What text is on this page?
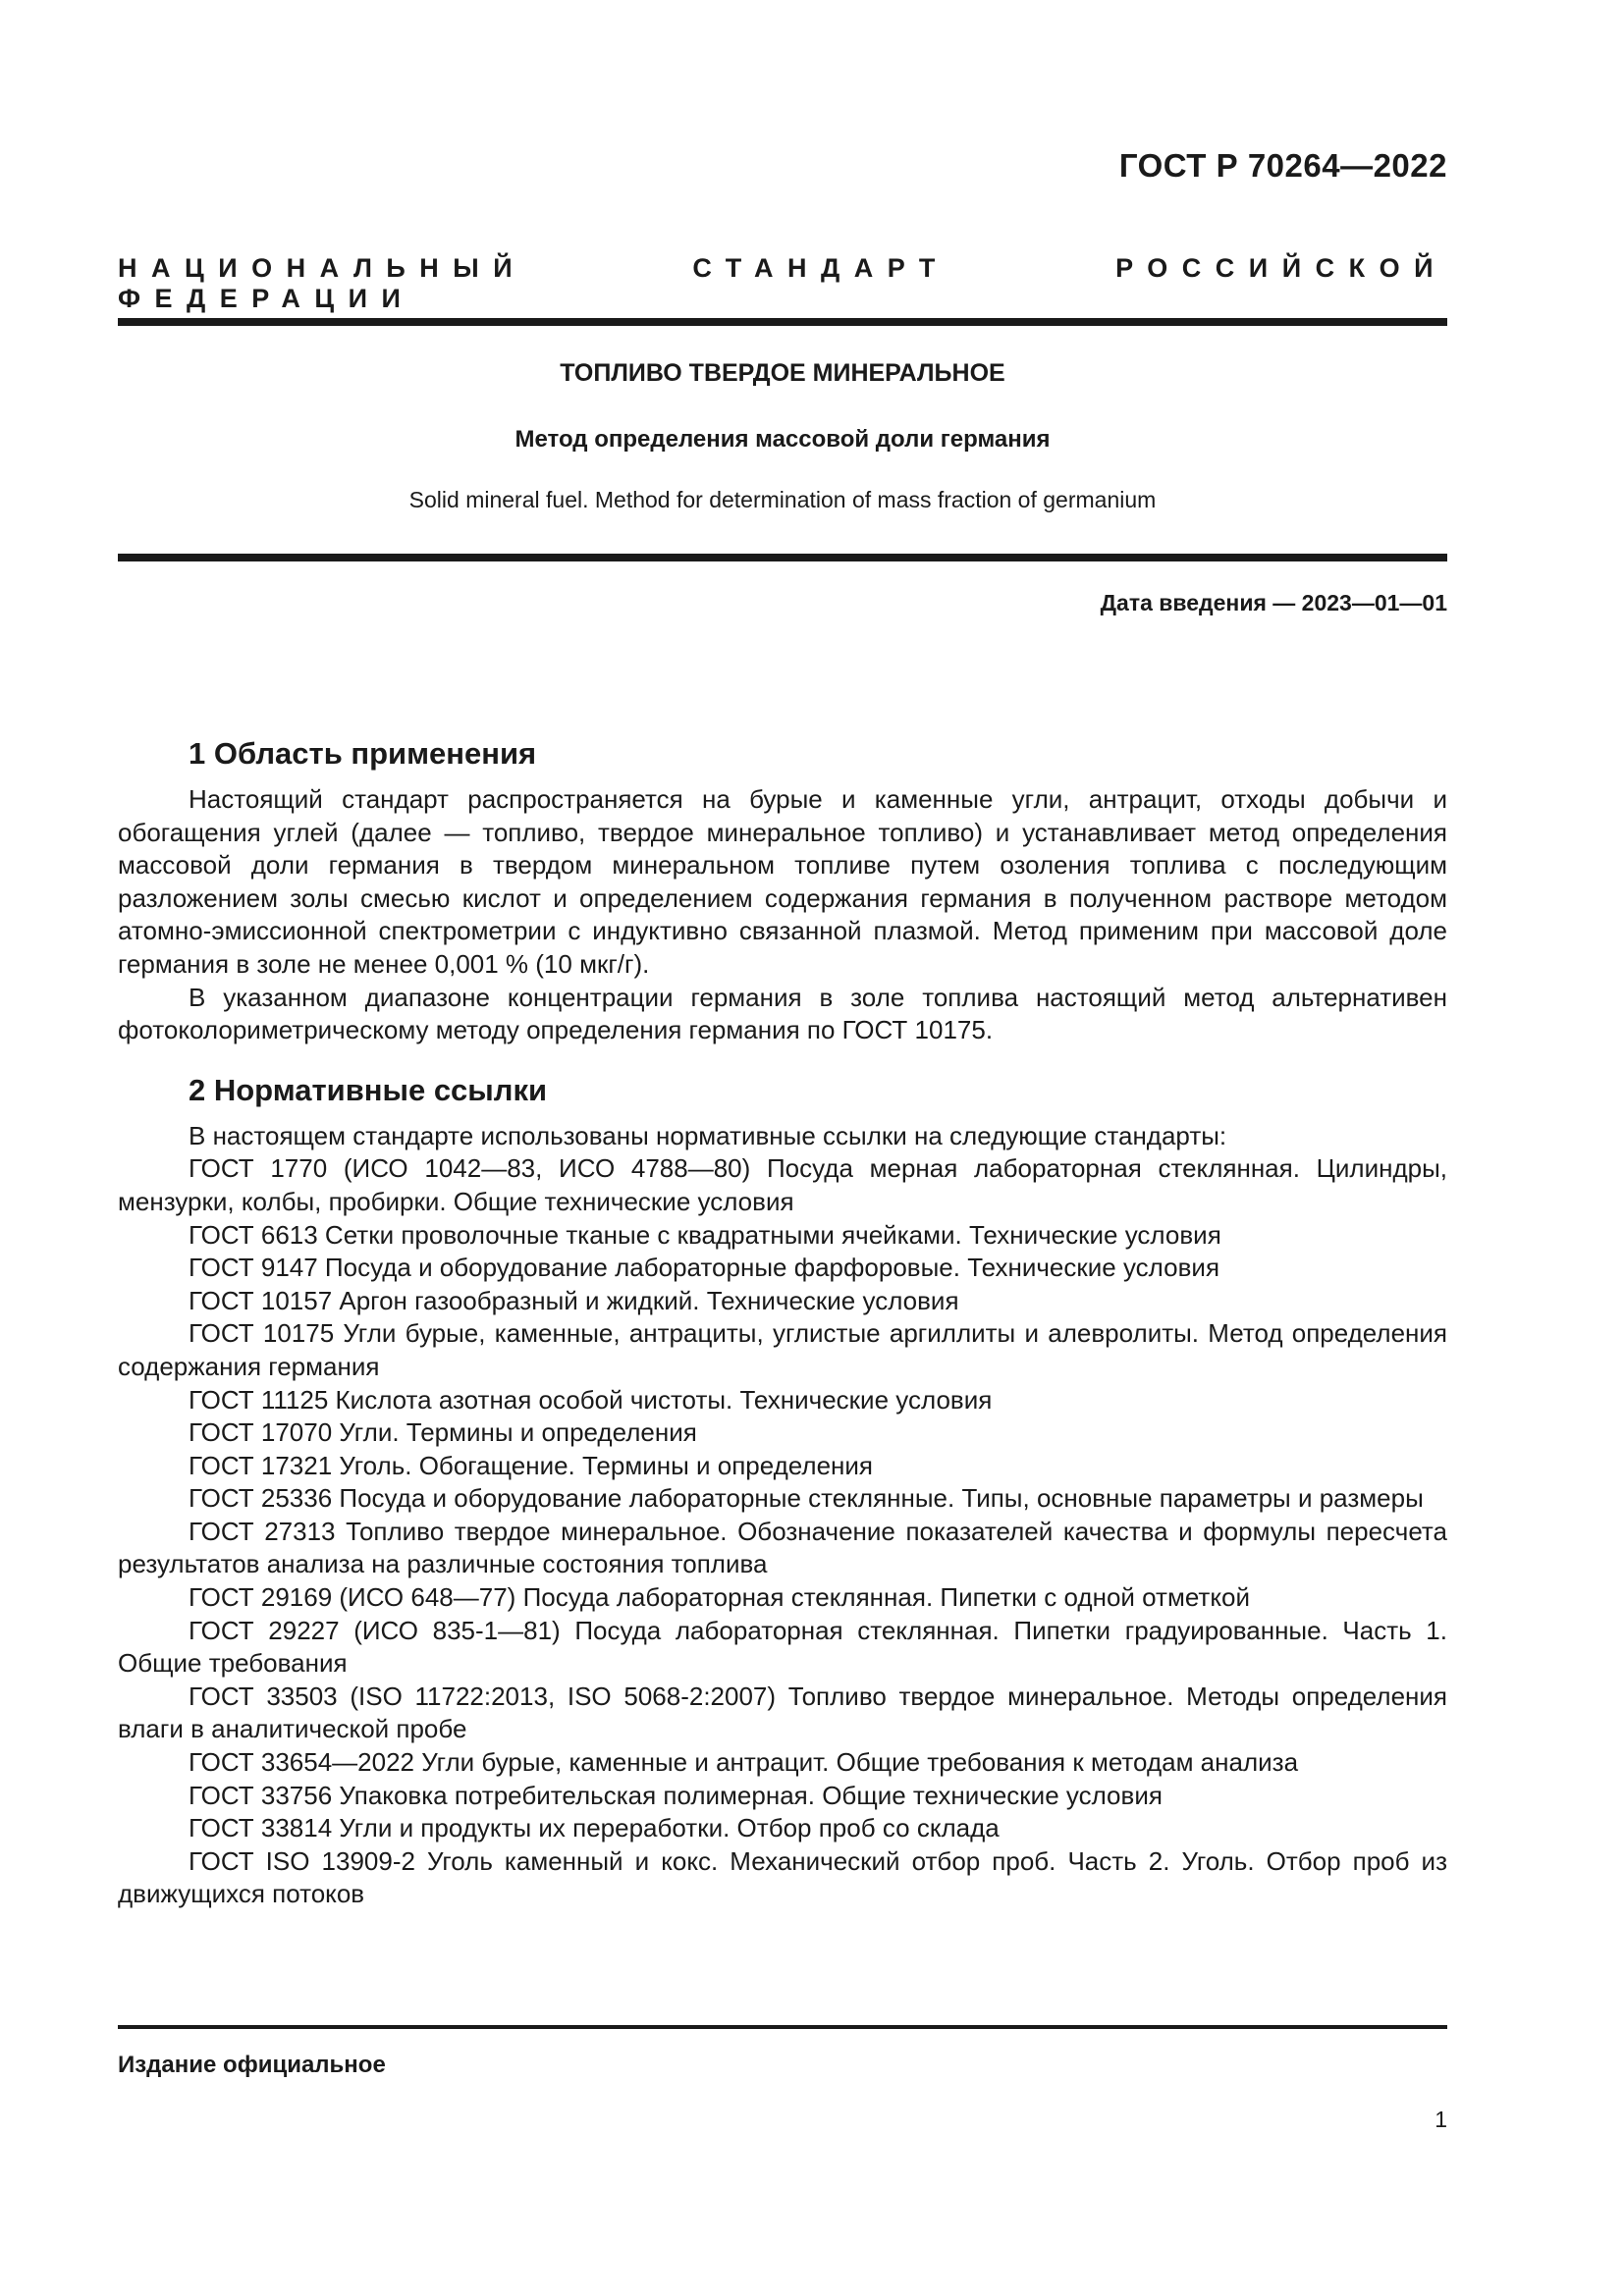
ГОСТ Р 70264—2022
НАЦИОНАЛЬНЫЙ СТАНДАРТ РОССИЙСКОЙ ФЕДЕРАЦИИ
ТОПЛИВО ТВЕРДОЕ МИНЕРАЛЬНОЕ
Метод определения массовой доли германия
Solid mineral fuel. Method for determination of mass fraction of germanium
Дата введения — 2023—01—01
1 Область применения

Настоящий стандарт распространяется на бурые и каменные угли, антрацит, отходы добычи и обогащения углей (далее — топливо, твердое минеральное топливо) и устанавливает метод определения массовой доли германия в твердом минеральном топливе путем озоления топлива с последующим разложением золы смесью кислот и определением содержания германия в полученном растворе методом атомно-эмиссионной спектрометрии с индуктивно связанной плазмой. Метод применим при массовой доле германия в золе не менее 0,001 % (10 мкг/г).

В указанном диапазоне концентрации германия в золе топлива настоящий метод альтернативен фотоколориметрическому методу определения германия по ГОСТ 10175.

2 Нормативные ссылки

В настоящем стандарте использованы нормативные ссылки на следующие стандарты:

ГОСТ 1770 (ИСО 1042—83, ИСО 4788—80) Посуда мерная лабораторная стеклянная. Цилиндры, мензурки, колбы, пробирки. Общие технические условия

ГОСТ 6613 Сетки проволочные тканые с квадратными ячейками. Технические условия

ГОСТ 9147 Посуда и оборудование лабораторные фарфоровые. Технические условия

ГОСТ 10157 Аргон газообразный и жидкий. Технические условия

ГОСТ 10175 Угли бурые, каменные, антрациты, углистые аргиллиты и алевролиты. Метод определения содержания германия

ГОСТ 11125 Кислота азотная особой чистоты. Технические условия

ГОСТ 17070 Угли. Термины и определения

ГОСТ 17321 Уголь. Обогащение. Термины и определения

ГОСТ 25336 Посуда и оборудование лабораторные стеклянные. Типы, основные параметры и размеры

ГОСТ 27313 Топливо твердое минеральное. Обозначение показателей качества и формулы пересчета результатов анализа на различные состояния топлива

ГОСТ 29169 (ИСО 648—77) Посуда лабораторная стеклянная. Пипетки с одной отметкой

ГОСТ 29227 (ИСО 835-1—81) Посуда лабораторная стеклянная. Пипетки градуированные. Часть 1. Общие требования

ГОСТ 33503 (ISO 11722:2013, ISO 5068-2:2007) Топливо твердое минеральное. Методы определения влаги в аналитической пробе

ГОСТ 33654—2022 Угли бурые, каменные и антрацит. Общие требования к методам анализа

ГОСТ 33756 Упаковка потребительская полимерная. Общие технические условия

ГОСТ 33814 Угли и продукты их переработки. Отбор проб со склада

ГОСТ ISO 13909-2 Уголь каменный и кокс. Механический отбор проб. Часть 2. Уголь. Отбор проб из движущихся потоков

Издание официальное
1
